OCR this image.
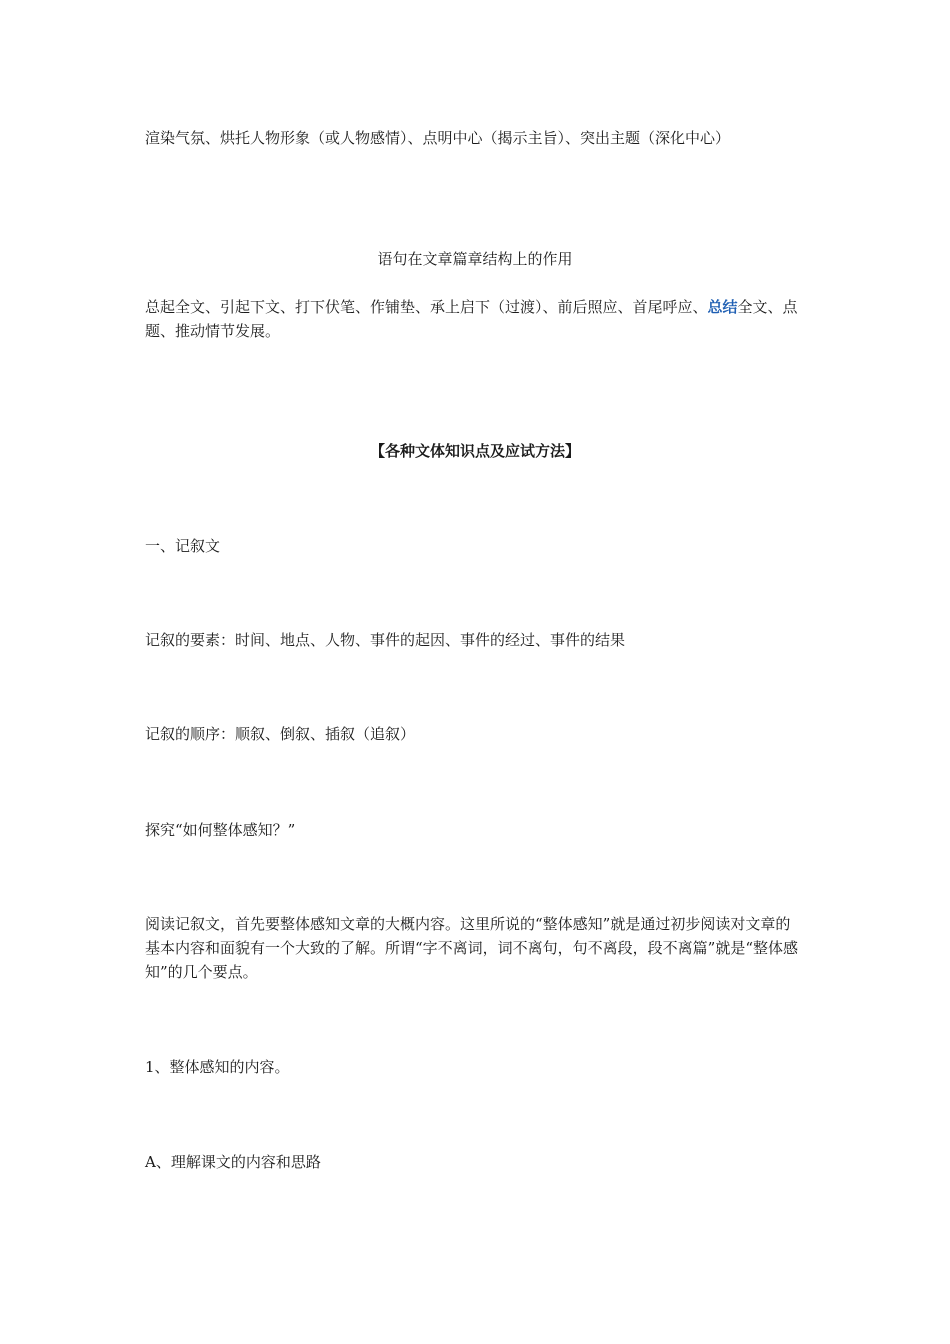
渲染气氛、烘托人物形象（或人物感情）、点明中心（揭示主旨）、突出主题（深化中心）

语句在文章篇章结构上的作用

总起全文、引起下文、打下伏笔、作铺垫、承上启下（过渡）、前后照应、首尾呼应、总结全文、点题、推动情节发展。

【各种文体知识点及应试方法】

一、记叙文

记叙的要素：时间、地点、人物、事件的起因、事件的经过、事件的结果

记叙的顺序：顺叙、倒叙、插叙（追叙）

探究“如何整体感知？”

阅读记叙文，首先要整体感知文章的大概内容。这里所说的“整体感知”就是通过初步阅读对文章的基本内容和面貌有一个大致的了解。所谓“字不离词，词不离句，句不离段，段不离篇”就是“整体感知”的几个要点。

1、整体感知的内容。

A、理解课文的内容和思路
